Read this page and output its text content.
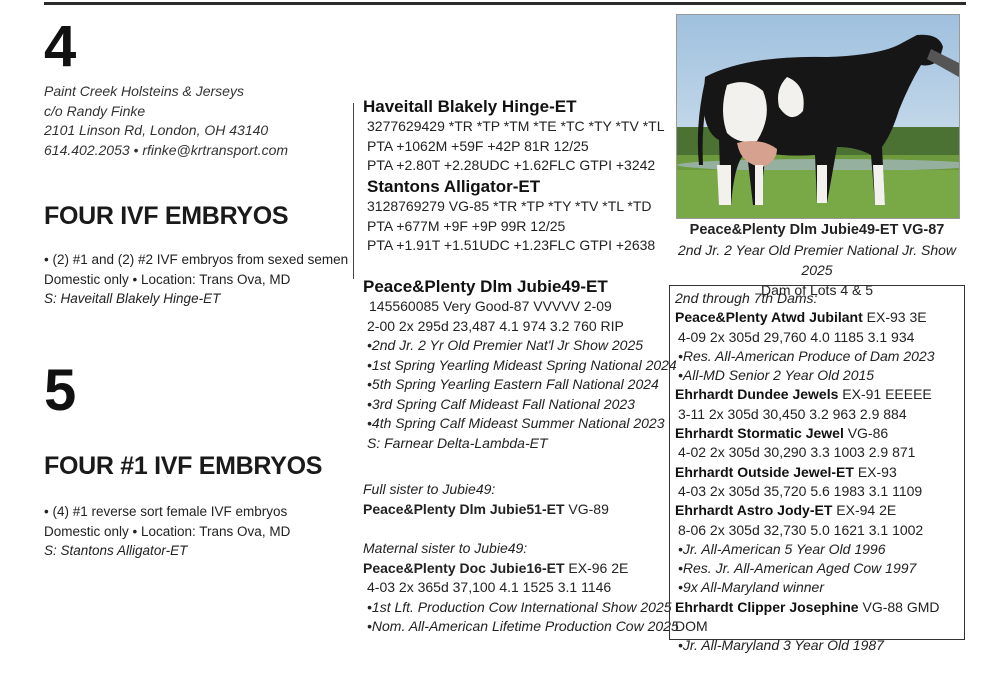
4
Paint Creek Holsteins & Jerseys
c/o Randy Finke
2101 Linson Rd, London, OH 43140
614.402.2053 • rfinke@krtransport.com
FOUR IVF EMBRYOS
• (2) #1 and (2) #2 IVF embryos from sexed semen
Domestic only • Location: Trans Ova, MD
S: Haveitall Blakely Hinge-ET
5
FOUR #1 IVF EMBRYOS
• (4) #1 reverse sort female IVF embryos
Domestic only • Location: Trans Ova, MD
S: Stantons Alligator-ET
Haveitall Blakely Hinge-ET
3277629429 *TR *TP *TM *TE *TC *TY *TV *TL
PTA +1062M +59F +42P 81R 12/25
PTA +2.80T +2.28UDC +1.62FLC GTPI +3242
Stantons Alligator-ET
3128769279 VG-85 *TR *TP *TY *TV *TL *TD
PTA +677M +9F +9P 99R 12/25
PTA +1.91T +1.51UDC +1.23FLC GTPI +2638
Peace&Plenty Dlm Jubie49-ET
145560085 Very Good-87 VVVVV 2-09
2-00 2x 295d 23,487 4.1 974 3.2 760 RIP
•2nd Jr. 2 Yr Old Premier Nat'l Jr Show 2025
•1st Spring Yearling Mideast Spring National 2024
•5th Spring Yearling Eastern Fall National 2024
•3rd Spring Calf Mideast Fall National 2023
•4th Spring Calf Mideast Summer National 2023
S: Farnear Delta-Lambda-ET
Full sister to Jubie49:
Peace&Plenty Dlm Jubie51-ET VG-89
Maternal sister to Jubie49:
Peace&Plenty Doc Jubie16-ET EX-96 2E
4-03 2x 365d 37,100 4.1 1525 3.1 1146
•1st Lft. Production Cow International Show 2025
•Nom. All-American Lifetime Production Cow 2025
Peace&Plenty Dlm Jubie49-ET VG-87
2nd Jr. 2 Year Old Premier National Jr. Show 2025
Dam of Lots 4 & 5
2nd through 7th Dams:
Peace&Plenty Atwd Jubilant EX-93 3E
4-09 2x 305d 29,760 4.0 1185 3.1 934
•Res. All-American Produce of Dam 2023
•All-MD Senior 2 Year Old 2015
Ehrhardt Dundee Jewels EX-91 EEEEE
3-11 2x 305d 30,450 3.2 963 2.9 884
Ehrhardt Stormatic Jewel VG-86
4-02 2x 305d 30,290 3.3 1003 2.9 871
Ehrhardt Outside Jewel-ET EX-93
4-03 2x 305d 35,720 5.6 1983 3.1 1109
Ehrhardt Astro Jody-ET EX-94 2E
8-06 2x 305d 32,730 5.0 1621 3.1 1002
•Jr. All-American 5 Year Old 1996
•Res. Jr. All-American Aged Cow 1997
•9x All-Maryland winner
Ehrhardt Clipper Josephine VG-88 GMD DOM
•Jr. All-Maryland 3 Year Old 1987
